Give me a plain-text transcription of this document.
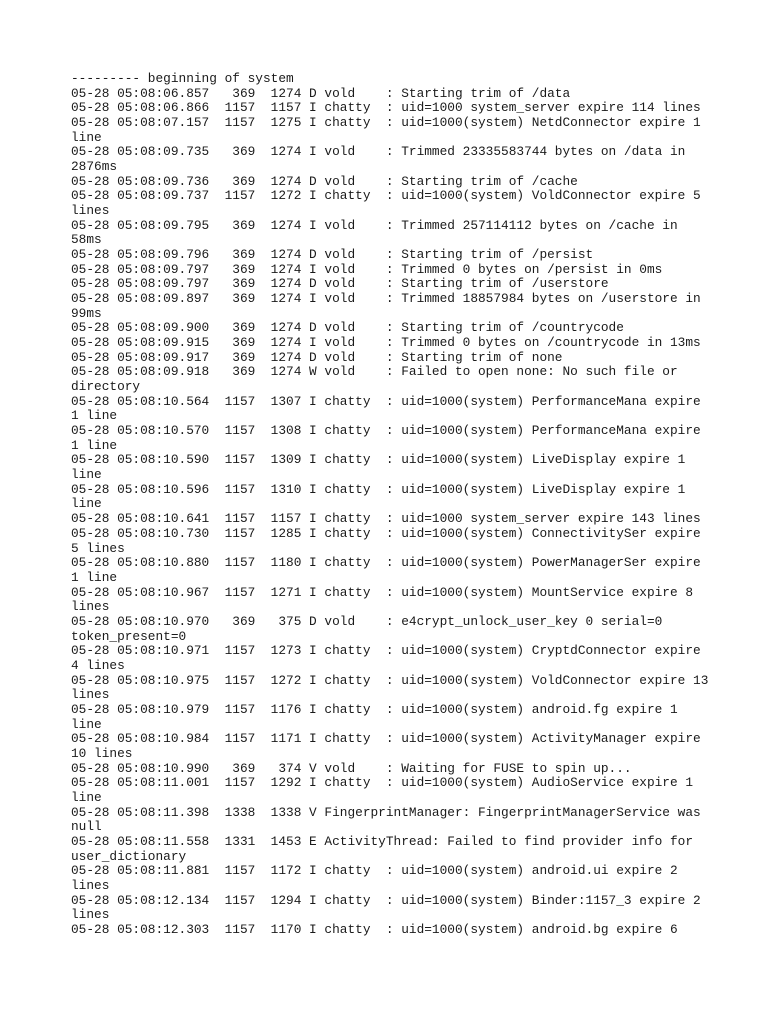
--------- beginning of system
05-28 05:08:06.857   369  1274 D vold    : Starting trim of /data
05-28 05:08:06.866  1157  1157 I chatty  : uid=1000 system_server expire 114 lines
05-28 05:08:07.157  1157  1275 I chatty  : uid=1000(system) NetdConnector expire 1
line
05-28 05:08:09.735   369  1274 I vold    : Trimmed 23335583744 bytes on /data in
2876ms
05-28 05:08:09.736   369  1274 D vold    : Starting trim of /cache
05-28 05:08:09.737  1157  1272 I chatty  : uid=1000(system) VoldConnector expire 5
lines
05-28 05:08:09.795   369  1274 I vold    : Trimmed 257114112 bytes on /cache in
58ms
05-28 05:08:09.796   369  1274 D vold    : Starting trim of /persist
05-28 05:08:09.797   369  1274 I vold    : Trimmed 0 bytes on /persist in 0ms
05-28 05:08:09.797   369  1274 D vold    : Starting trim of /userstore
05-28 05:08:09.897   369  1274 I vold    : Trimmed 18857984 bytes on /userstore in
99ms
05-28 05:08:09.900   369  1274 D vold    : Starting trim of /countrycode
05-28 05:08:09.915   369  1274 I vold    : Trimmed 0 bytes on /countrycode in 13ms
05-28 05:08:09.917   369  1274 D vold    : Starting trim of none
05-28 05:08:09.918   369  1274 W vold    : Failed to open none: No such file or
directory
05-28 05:08:10.564  1157  1307 I chatty  : uid=1000(system) PerformanceMana expire
1 line
05-28 05:08:10.570  1157  1308 I chatty  : uid=1000(system) PerformanceMana expire
1 line
05-28 05:08:10.590  1157  1309 I chatty  : uid=1000(system) LiveDisplay expire 1
line
05-28 05:08:10.596  1157  1310 I chatty  : uid=1000(system) LiveDisplay expire 1
line
05-28 05:08:10.641  1157  1157 I chatty  : uid=1000 system_server expire 143 lines
05-28 05:08:10.730  1157  1285 I chatty  : uid=1000(system) ConnectivitySer expire
5 lines
05-28 05:08:10.880  1157  1180 I chatty  : uid=1000(system) PowerManagerSer expire
1 line
05-28 05:08:10.967  1157  1271 I chatty  : uid=1000(system) MountService expire 8
lines
05-28 05:08:10.970   369   375 D vold    : e4crypt_unlock_user_key 0 serial=0
token_present=0
05-28 05:08:10.971  1157  1273 I chatty  : uid=1000(system) CryptdConnector expire
4 lines
05-28 05:08:10.975  1157  1272 I chatty  : uid=1000(system) VoldConnector expire 13
lines
05-28 05:08:10.979  1157  1176 I chatty  : uid=1000(system) android.fg expire 1
line
05-28 05:08:10.984  1157  1171 I chatty  : uid=1000(system) ActivityManager expire
10 lines
05-28 05:08:10.990   369   374 V vold    : Waiting for FUSE to spin up...
05-28 05:08:11.001  1157  1292 I chatty  : uid=1000(system) AudioService expire 1
line
05-28 05:08:11.398  1338  1338 V FingerprintManager: FingerprintManagerService was
null
05-28 05:08:11.558  1331  1453 E ActivityThread: Failed to find provider info for
user_dictionary
05-28 05:08:11.881  1157  1172 I chatty  : uid=1000(system) android.ui expire 2
lines
05-28 05:08:12.134  1157  1294 I chatty  : uid=1000(system) Binder:1157_3 expire 2
lines
05-28 05:08:12.303  1157  1170 I chatty  : uid=1000(system) android.bg expire 6
